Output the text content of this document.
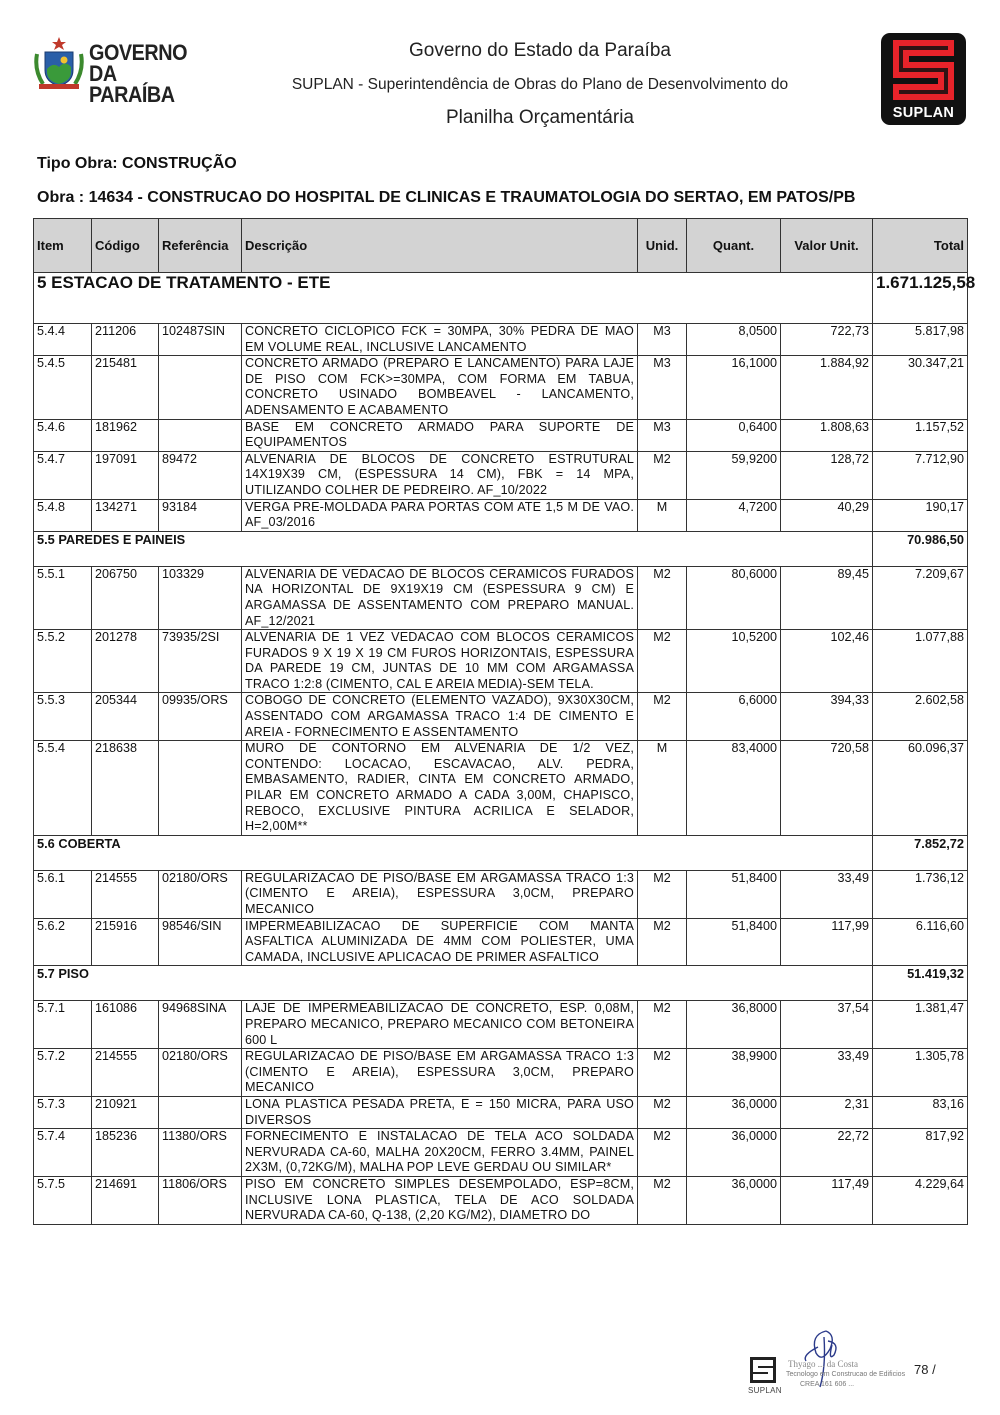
GOVERNO
DA PARAÍBA
Governo do Estado da Paraíba
SUPLAN - Superintendência de Obras do Plano de Desenvolvimento do
Planilha Orçamentária	SUPLAN
Tipo Obra: CONSTRUÇÃO
Obra : 14634 - CONSTRUCAO DO HOSPITAL DE CLINICAS E TRAUMATOLOGIA DO SERTAO, EM PATOS/PB
Item	Código	Referência	Descrição	Unid.	Quant.	Valor Unit.	Total
5 ESTACAO DE TRATAMENTO - ETE							1.671.125,58
5.4.4	211206	102487SIN	CONCRETO CICLOPICO FCK = 30MPA, 30% PEDRA DE MAO EM VOLUME REAL, INCLUSIVE LANCAMENTO	M3	8,0500	722,73	5.817,98
5.4.5	215481		CONCRETO ARMADO (PREPARO E LANCAMENTO) PARA LAJE DE PISO COM FCK>=30MPA, COM FORMA EM TABUA, CONCRETO USINADO BOMBEAVEL - LANCAMENTO, ADENSAMENTO E ACABAMENTO	M3	16,1000	1.884,92	30.347,21
5.4.6	181962		BASE EM CONCRETO ARMADO PARA SUPORTE DE EQUIPAMENTOS	M3	0,6400	1.808,63	1.157,52
5.4.7	197091	89472	ALVENARIA DE BLOCOS DE CONCRETO ESTRUTURAL 14X19X39 CM, (ESPESSURA 14 CM), FBK = 14 MPA, UTILIZANDO COLHER DE PEDREIRO. AF_10/2022	M2	59,9200	128,72	7.712,90
5.4.8	134271	93184	VERGA PRE-MOLDADA PARA PORTAS COM ATE 1,5 M DE VAO. AF_03/2016	M	4,7200	40,29	190,17
5.5 PAREDES E PAINEIS							70.986,50
5.5.1	206750	103329	ALVENARIA DE VEDACAO DE BLOCOS CERAMICOS FURADOS NA HORIZONTAL DE 9X19X19 CM (ESPESSURA 9 CM) E ARGAMASSA DE ASSENTAMENTO COM PREPARO MANUAL. AF_12/2021	M2	80,6000	89,45	7.209,67
5.5.2	201278	73935/2SI	ALVENARIA DE 1 VEZ VEDACAO COM BLOCOS CERAMICOS FURADOS 9 X 19 X 19 CM FUROS HORIZONTAIS, ESPESSURA DA PAREDE 19 CM, JUNTAS DE 10 MM COM ARGAMASSA TRACO 1:2:8 (CIMENTO, CAL E AREIA MEDIA)-SEM TELA.	M2	10,5200	102,46	1.077,88
5.5.3	205344	09935/ORS	COBOGO DE CONCRETO (ELEMENTO VAZADO), 9X30X30CM, ASSENTADO COM ARGAMASSA TRACO 1:4 DE CIMENTO E AREIA - FORNECIMENTO E ASSENTAMENTO	M2	6,6000	394,33	2.602,58
5.5.4	218638		MURO DE CONTORNO EM ALVENARIA DE 1/2 VEZ, CONTENDO: LOCACAO, ESCAVACAO, ALV. PEDRA, EMBASAMENTO, RADIER, CINTA EM CONCRETO ARMADO, PILAR EM CONCRETO ARMADO A CADA 3,00M, CHAPISCO, REBOCO, EXCLUSIVE PINTURA ACRILICA E SELADOR, H=2,00M**	M	83,4000	720,58	60.096,37
5.6 COBERTA							7.852,72
5.6.1	214555	02180/ORS	REGULARIZACAO DE PISO/BASE EM ARGAMASSA TRACO 1:3 (CIMENTO E AREIA), ESPESSURA 3,0CM, PREPARO MECANICO	M2	51,8400	33,49	1.736,12
5.6.2	215916	98546/SIN	IMPERMEABILIZACAO DE SUPERFICIE COM MANTA ASFALTICA ALUMINIZADA DE 4MM COM POLIESTER, UMA CAMADA, INCLUSIVE APLICACAO DE PRIMER ASFALTICO	M2	51,8400	117,99	6.116,60
5.7 PISO							51.419,32
5.7.1	161086	94968SINA	LAJE DE IMPERMEABILIZACAO DE CONCRETO, ESP. 0,08M, PREPARO MECANICO, PREPARO MECANICO COM BETONEIRA 600 L	M2	36,8000	37,54	1.381,47
5.7.2	214555	02180/ORS	REGULARIZACAO DE PISO/BASE EM ARGAMASSA TRACO 1:3 (CIMENTO E AREIA), ESPESSURA 3,0CM, PREPARO MECANICO	M2	38,9900	33,49	1.305,78
5.7.3	210921		LONA PLASTICA PESADA PRETA, E = 150 MICRA, PARA USO DIVERSOS	M2	36,0000	2,31	83,16
5.7.4	185236	11380/ORS	FORNECIMENTO E INSTALACAO DE TELA ACO SOLDADA NERVURADA CA-60, MALHA 20X20CM, FERRO 3.4MM, PAINEL 2X3M, (0,72KG/M), MALHA POP LEVE GERDAU OU SIMILAR*	M2	36,0000	22,72	817,92
5.7.5	214691	11806/ORS	PISO EM CONCRETO SIMPLES DESEMPOLADO, ESP=8CM, INCLUSIVE LONA PLASTICA, TELA DE ACO SOLDADA NERVURADA CA-60, Q-138, (2,20 KG/M2), DIAMETRO DO	M2	36,0000	117,49	4.229,64
SUPLAN
Thyago ... da Costa
Tecnologo em Construcao de Edificios
CREA 161 606 ...
78 /
